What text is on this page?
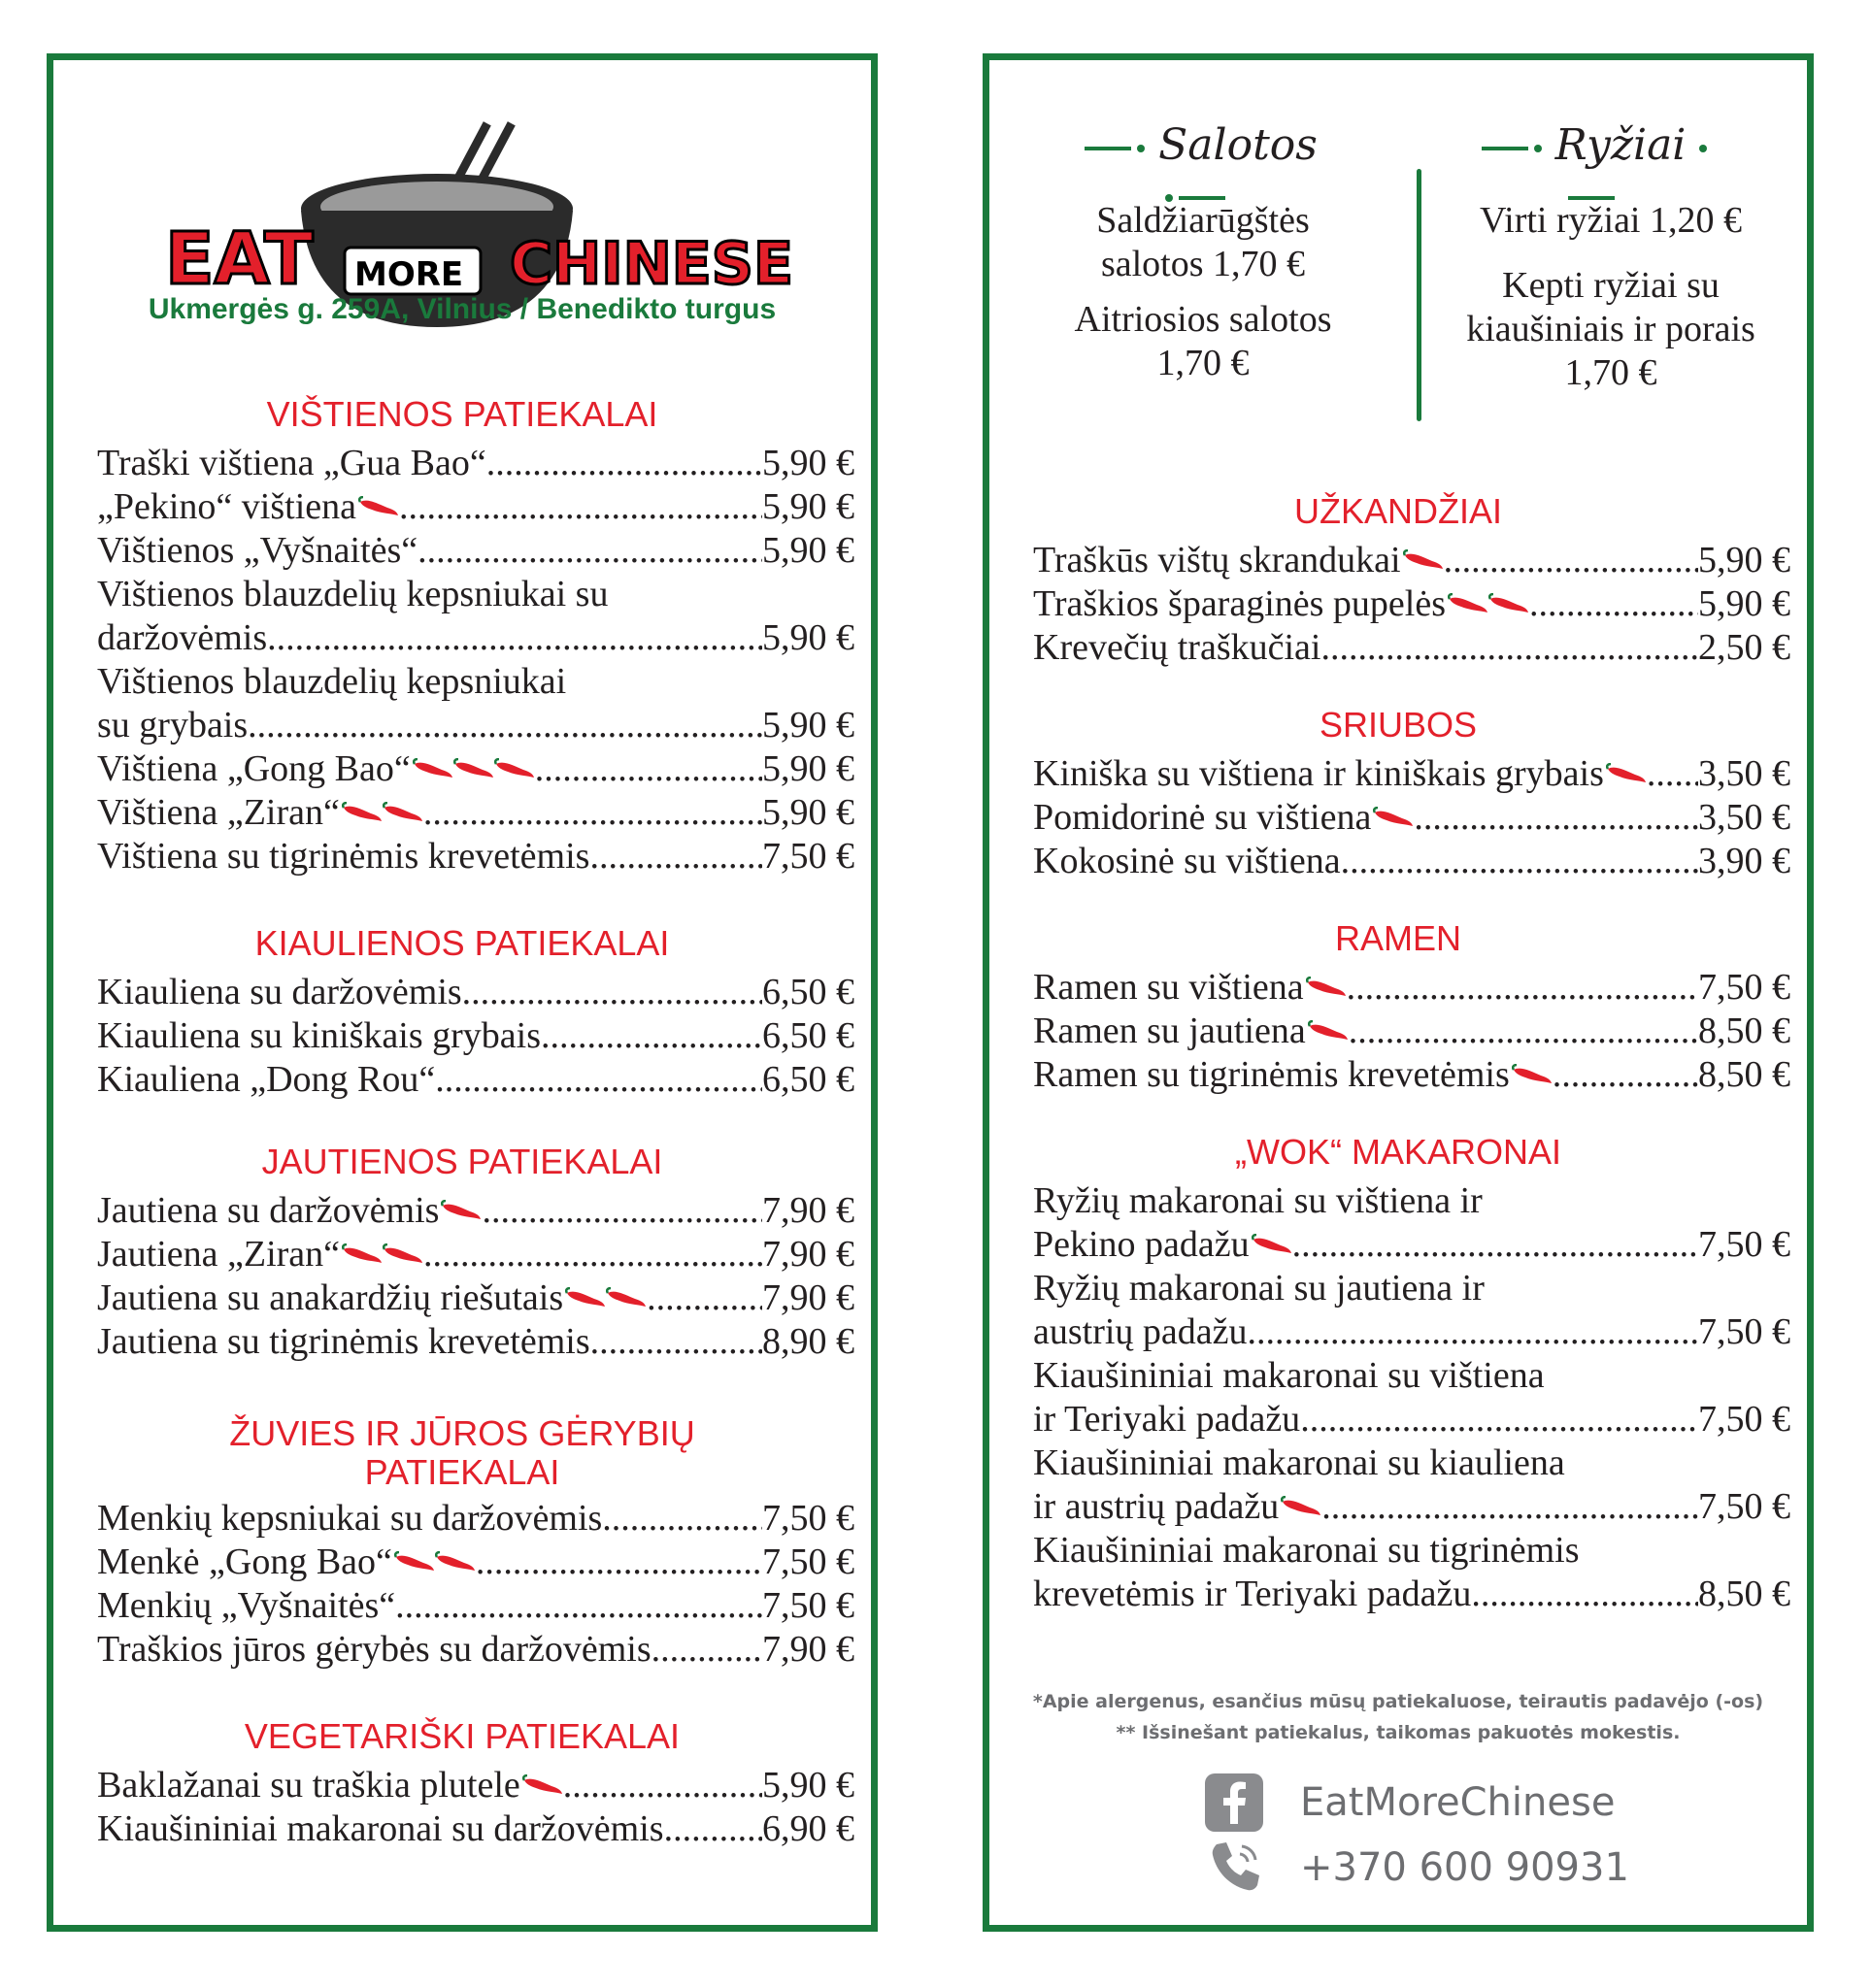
EAT MORE CHINESE
Ukmergės g. 259A, Vilnius / Benedikto turgus
VIŠTIENOS PATIEKALAI
Traški vištiena „Gua Bao“ .....	5,90 €
„Pekino“ vištiena .....	5,90 €
Vištienos „Vyšnaitės“ .....	5,90 €
Vištienos blauzdelių kepsniukai su
daržovėmis .....	5,90 €
Vištienos blauzdelių kepsniukai
su grybais .....	5,90 €
Vištiena „Gong Bao“ .....	5,90 €
Vištiena „Ziran“ .....	5,90 €
Vištiena su tigrinėmis krevetėmis .....	7,50 €
KIAULIENOS PATIEKALAI
Kiauliena su daržovėmis .....	6,50 €
Kiauliena su kiniškais grybais .....	6,50 €
Kiauliena „Dong Rou“ .....	6,50 €
JAUTIENOS PATIEKALAI
Jautiena su daržovėmis .....	7,90 €
Jautiena „Ziran“ .....	7,90 €
Jautiena su anakardžių riešutais .....	7,90 €
Jautiena su tigrinėmis krevetėmis .....	8,90 €
ŽUVIES IR JŪROS GĖRYBIŲ
PATIEKALAI
Menkių kepsniukai su daržovėmis .....	7,50 €
Menkė „Gong Bao“ .....	7,50 €
Menkių „Vyšnaitės“ .....	7,50 €
Traškios jūros gėrybės su daržovėmis .....	7,90 €
VEGETARIŠKI PATIEKALAI
Baklažanai su traškia plutele .....	5,90 €
Kiaušininiai makaronai su daržovėmis .....	6,90 €
Salotos	Ryžiai
Saldžiarūgštės
salotos 1,70 €
Aitriosios salotos
1,70 €
Virti ryžiai 1,20 €
Kepti ryžiai su
kiaušiniais ir porais
1,70 €
UŽKANDŽIAI
Traškūs vištų skrandukai .....	5,90 €
Traškios šparaginės pupelės .....	5,90 €
Krevečių traškučiai .....	2,50 €
SRIUBOS
Kiniška su vištiena ir kiniškais grybais .....	3,50 €
Pomidorinė su vištiena .....	3,50 €
Kokosinė su vištiena .....	3,90 €
RAMEN
Ramen su vištiena .....	7,50 €
Ramen su jautiena .....	8,50 €
Ramen su tigrinėmis krevetėmis .....	8,50 €
„WOK“ MAKARONAI
Ryžių makaronai su vištiena ir
Pekino padažu .....	7,50 €
Ryžių makaronai su jautiena ir
austrių padažu .....	7,50 €
Kiaušininiai makaronai su vištiena
ir Teriyaki padažu .....	7,50 €
Kiaušininiai makaronai su kiauliena
ir austrių padažu .....	7,50 €
Kiaušininiai makaronai su tigrinėmis
krevetėmis ir Teriyaki padažu .....	8,50 €
*Apie alergenus, esančius mūsų patiekaluose, teirautis padavėjo (-os)
** Išsinešant patiekalus, taikomas pakuotės mokestis.
EatMoreChinese
+370 600 90931
